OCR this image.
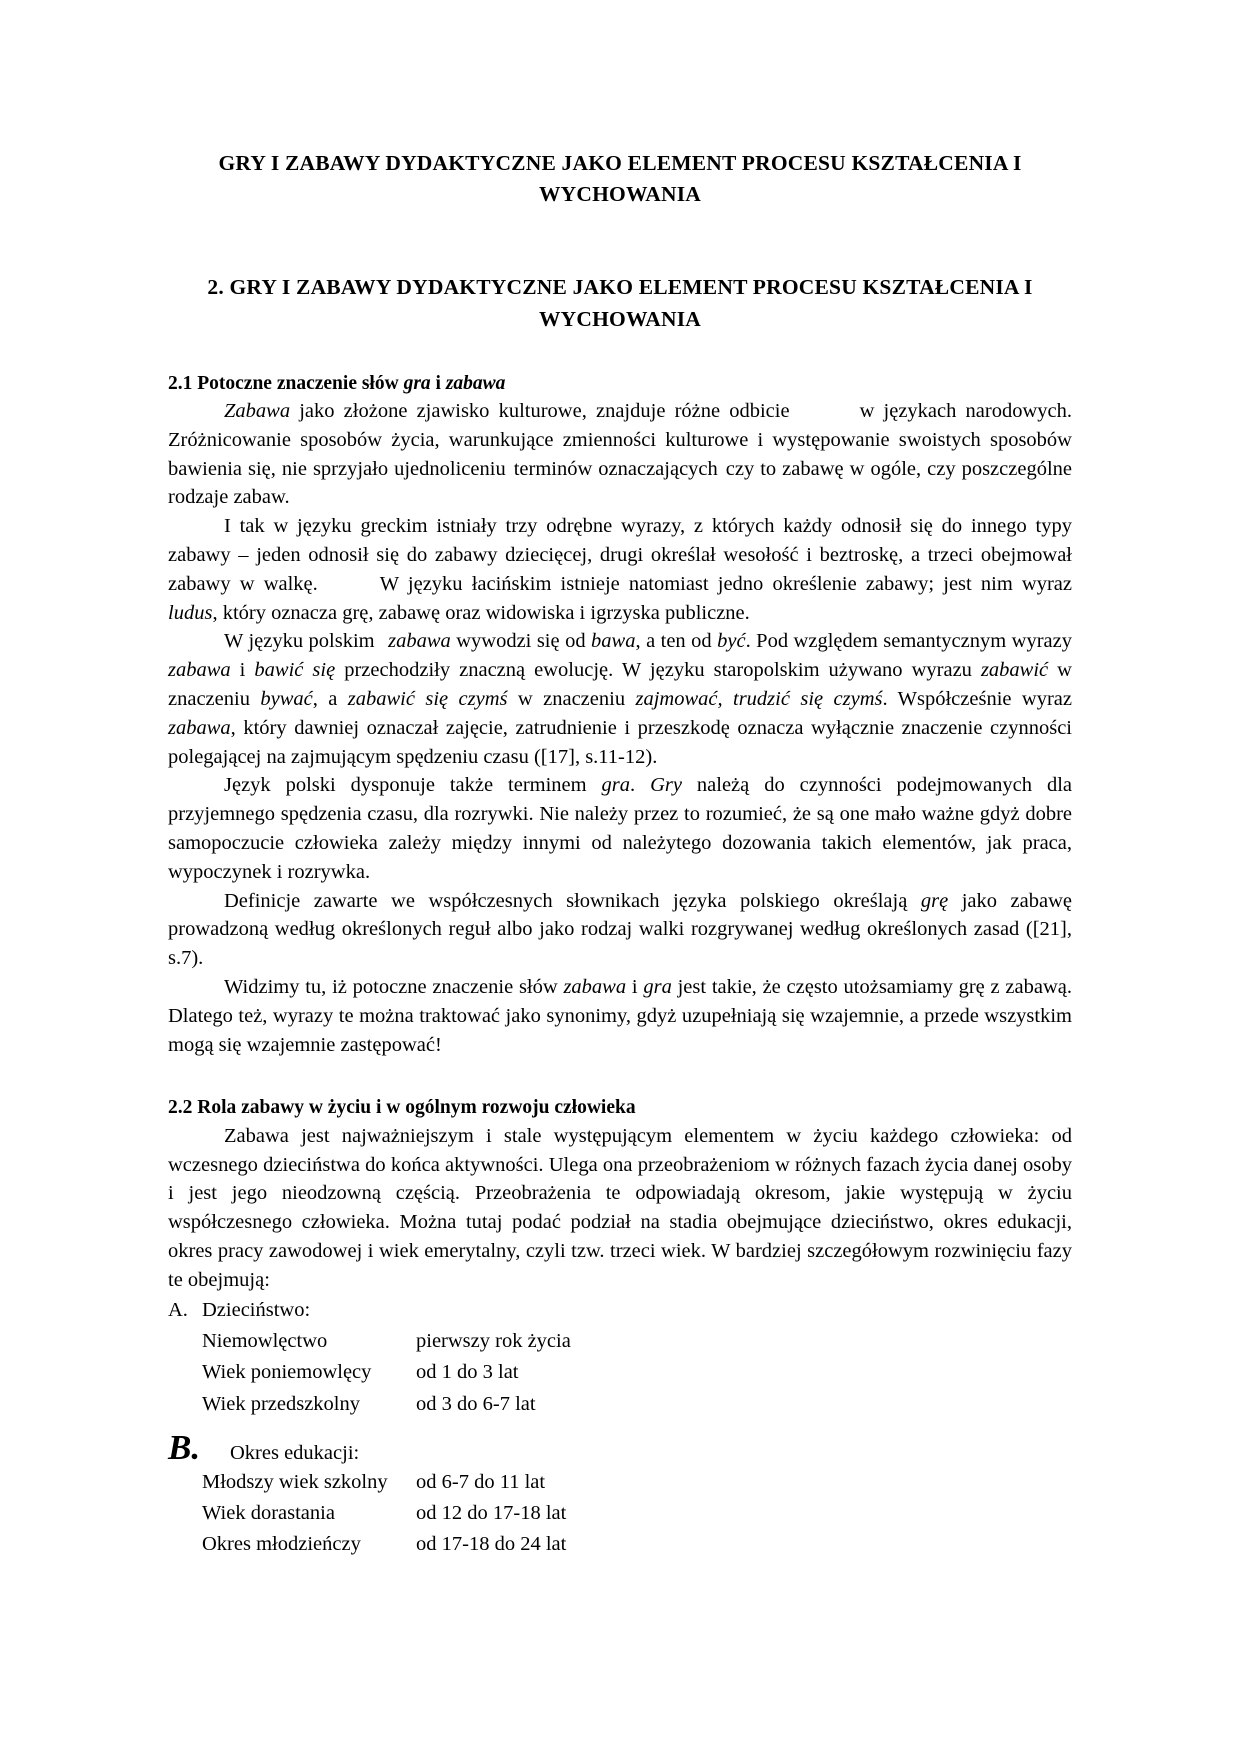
GRY I ZABAWY DYDAKTYCZNE JAKO ELEMENT PROCESU KSZTAŁCENIA I WYCHOWANIA
2. GRY I ZABAWY DYDAKTYCZNE JAKO ELEMENT PROCESU KSZTAŁCENIA I WYCHOWANIA
2.1 Potoczne znaczenie słów gra i zabawa

Zabawa jako złożone zjawisko kulturowe, znajduje różne odbicie	w językach narodowych. Zróżnicowanie sposobów życia, warunkujące zmienności kulturowe i występowanie swoistych sposobów bawienia się, nie sprzyjało ujednoliceniu terminów oznaczających czy to zabawę w ogóle, czy poszczególne rodzaje zabaw.

I tak w języku greckim istniały trzy odrębne wyrazy, z których każdy odnosił się do innego typy zabawy – jeden odnosił się do zabawy dziecięcej, drugi określał wesołość i beztroskę, a trzeci obejmował zabawy w walkę.	W języku łacińskim istnieje natomiast jedno określenie zabawy; jest nim wyraz ludus, który oznacza grę, zabawę oraz widowiska i igrzyska publiczne.

W języku polskim zabawa wywodzi się od bawa, a ten od być. Pod względem semantycznym wyrazy zabawa i bawić się przechodziły znaczną ewolucję. W języku staropolskim używano wyrazu zabawić w znaczeniu bywać, a zabawić się czymś w znaczeniu zajmować, trudzić się czymś. Współcześnie wyraz zabawa, który dawniej oznaczał zajęcie, zatrudnienie i przeszkodę oznacza wyłącznie znaczenie czynności polegającej na zajmującym spędzeniu czasu ([17], s.11-12).

Język polski dysponuje także terminem gra. Gry należą do czynności podejmowanych dla przyjemnego spędzenia czasu, dla rozrywki. Nie należy przez to rozumieć, że są one mało ważne gdyż dobre samopoczucie człowieka zależy między innymi od należytego dozowania takich elementów, jak praca, wypoczynek i rozrywka.

Definicje zawarte we współczesnych słownikach języka polskiego określają grę jako zabawę prowadzoną według określonych reguł albo jako rodzaj walki rozgrywanej według określonych zasad ([21], s.7).

Widzimy tu, iż potoczne znaczenie słów zabawa i gra jest takie, że często utożsamiamy grę z zabawą. Dlatego też, wyrazy te można traktować jako synonimy, gdyż uzupełniają się wzajemnie, a przede wszystkim mogą się wzajemnie zastępować!

2.2 Rola zabawy w życiu i w ogólnym rozwoju człowieka

Zabawa jest najważniejszym i stale występującym elementem w życiu każdego człowieka: od wczesnego dzieciństwa do końca aktywności. Ulega ona przeobrażeniom w różnych fazach życia danej osoby i jest jego nieodzowną częścią. Przeobrażenia te odpowiadają okresom, jakie występują w życiu współczesnego człowieka. Można tutaj podać podział na stadia obejmujące dzieciństwo, okres edukacji, okres pracy zawodowej i wiek emerytalny, czyli tzw. trzeci wiek. W bardziej szczegółowym rozwinięciu fazy te obejmują:

A. Dzieciństwo:
Niemowlęctwo	pierwszy rok życia
Wiek poniemowlęcy	od 1 do 3 lat
Wiek przedszkolny	od 3 do 6-7 lat
B.	Okres edukacji:
Młodszy wiek szkolny	od 6-7 do 11 lat
Wiek dorastania	od 12 do 17-18 lat
Okres młodzieńczy	od 17-18 do 24 lat
